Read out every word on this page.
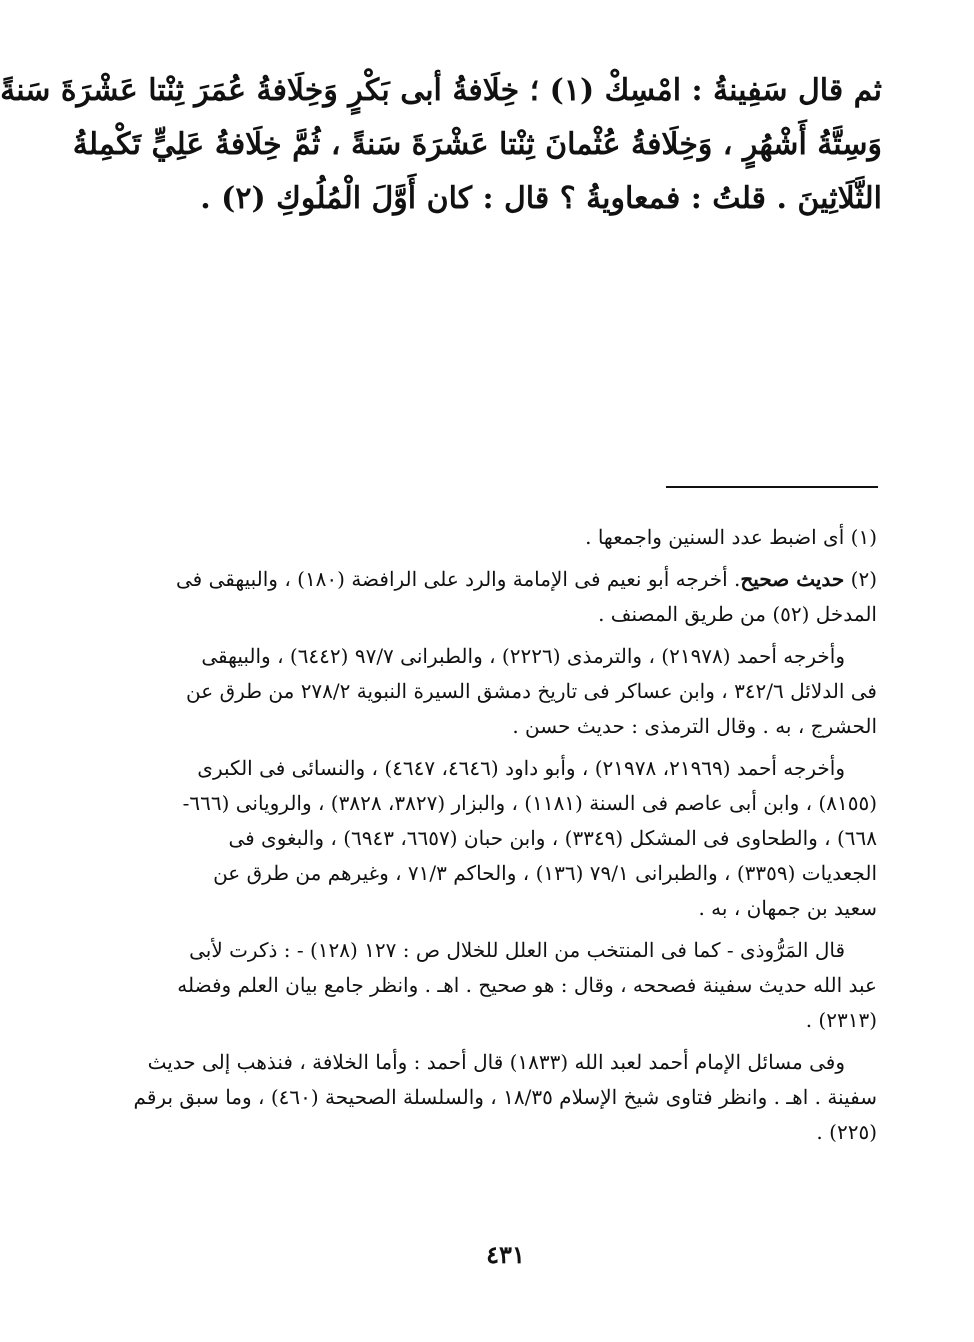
ثم قال سَفِينةُ : امْسِكْ (١) ؛ خِلَافةُ أبى بَكْرٍ وَخِلَافةُ عُمَرَ ثِنْتا عَشْرَةَ سَنةً

وَسِتَّةُ أَشْهُرٍ ، وَخِلَافةُ عُثْمانَ ثِنْتا عَشْرَةَ سَنةً ، ثُمَّ خِلَافةُ عَلِيٍّ تَكْمِلةُ

الثَّلَاثِينَ . قلتُ : فمعاويةُ ؟ قال : كان أَوَّلَ الْمُلُوكِ (٢) .

(١) أى اضبط عدد السنين واجمعها .

(٢) حديث صحيح. أخرجه أبو نعيم فى الإمامة والرد على الرافضة (١٨٠) ، والبيهقى فى

المدخل (٥٢) من طريق المصنف .

وأخرجه أحمد (٢١٩٧٨) ، والترمذى (٢٢٢٦) ، والطبرانى ٩٧/٧ (٦٤٤٢) ، والبيهقى

فى الدلائل ٣٤٢/٦ ، وابن عساكر فى تاريخ دمشق السيرة النبوية ٢٧٨/٢ من طرق عن

الحشرج ، به . وقال الترمذى : حديث حسن .

وأخرجه أحمد (٢١٩٦٩، ٢١٩٧٨) ، وأبو داود (٤٦٤٦، ٤٦٤٧) ، والنسائى فى الكبرى

(٨١٥٥) ، وابن أبى عاصم فى السنة (١١٨١) ، والبزار (٣٨٢٧، ٣٨٢٨) ، والرويانى (٦٦٦-

٦٦٨) ، والطحاوى فى المشكل (٣٣٤٩) ، وابن حبان (٦٦٥٧، ٦٩٤٣) ، والبغوى فى

الجعديات (٣٣٥٩) ، والطبرانى ٧٩/١ (١٣٦) ، والحاكم ٧١/٣ ، وغيرهم من طرق عن

سعيد بن جمهان ، به .

قال المَرُّوذى - كما فى المنتخب من العلل للخلال ص : ١٢٧ (١٢٨) - : ذكرت لأبى

عبد الله حديث سفينة فصححه ، وقال : هو صحيح . اهـ . وانظر جامع بيان العلم وفضله

(٢٣١٣) .

وفى مسائل الإمام أحمد لعبد الله (١٨٣٣) قال أحمد : وأما الخلافة ، فنذهب إلى حديث

سفينة . اهـ . وانظر فتاوى شيخ الإسلام ١٨/٣٥ ، والسلسلة الصحيحة (٤٦٠) ، وما سبق برقم

(٢٢٥) .

٤٣١
